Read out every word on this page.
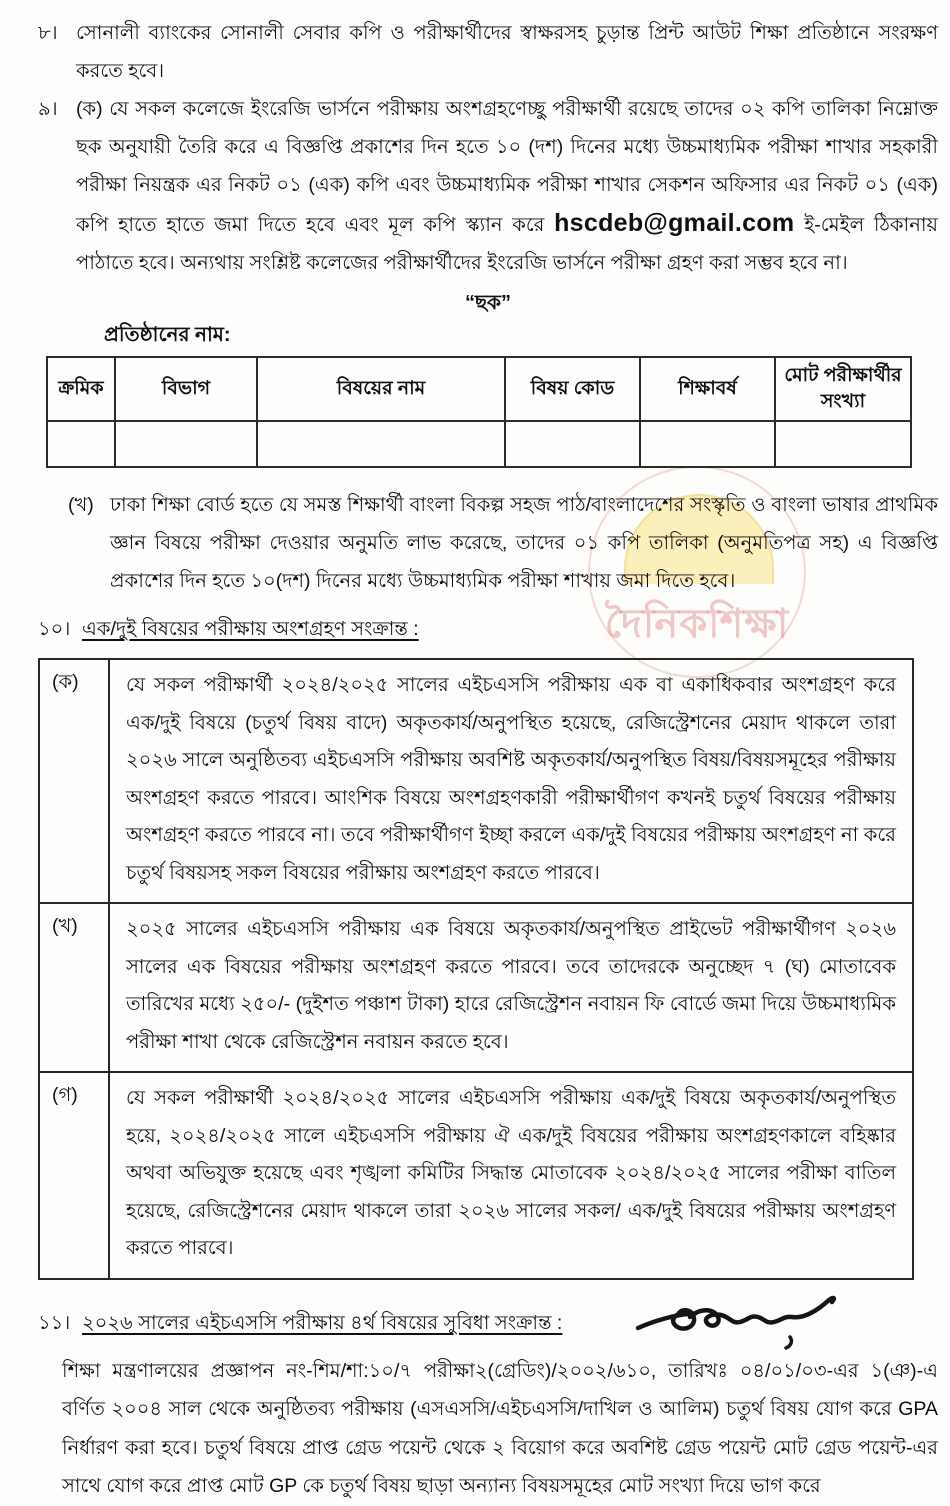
দৈনিকশিক্ষা
৮। সোনালী ব্যাংকের সোনালী সেবার কপি ও পরীক্ষার্থীদের স্বাক্ষরসহ চুড়ান্ত প্রিন্ট আউট শিক্ষা প্রতিষ্ঠানে সংরক্ষণ করতে হবে।
৯। (ক) যে সকল কলেজে ইংরেজি ভার্সনে পরীক্ষায় অংশগ্রহণেচ্ছু পরীক্ষার্থী রয়েছে তাদের ০২ কপি তালিকা নিম্নোক্ত ছক অনুযায়ী তৈরি করে এ বিজ্ঞপ্তি প্রকাশের দিন হতে ১০ (দশ) দিনের মধ্যে উচ্চমাধ্যমিক পরীক্ষা শাখার সহকারী পরীক্ষা নিয়ন্ত্রক এর নিকট ০১ (এক) কপি এবং উচ্চমাধ্যমিক পরীক্ষা শাখার সেকশন অফিসার এর নিকট ০১ (এক) কপি হাতে হাতে জমা দিতে হবে এবং মূল কপি স্ক্যান করে hscdeb@gmail.com ই-মেইল ঠিকানায় পাঠাতে হবে। অন্যথায় সংশ্লিষ্ট কলেজের পরীক্ষার্থীদের ইংরেজি ভার্সনে পরীক্ষা গ্রহণ করা সম্ভব হবে না।
“ছক”
প্রতিষ্ঠানের নাম:
ক্রমিক	বিভাগ	বিষয়ের নাম	বিষয় কোড	শিক্ষাবর্ষ	মোট পরীক্ষার্থীর সংখ্যা

(খ) ঢাকা শিক্ষা বোর্ড হতে যে সমস্ত শিক্ষার্থী বাংলা বিকল্প সহজ পাঠ/বাংলাদেশের সংস্কৃতি ও বাংলা ভাষার প্রাথমিক জ্ঞান বিষয়ে পরীক্ষা দেওয়ার অনুমতি লাভ করেছে, তাদের ০১ কপি তালিকা (অনুমতিপত্র সহ) এ বিজ্ঞপ্তি প্রকাশের দিন হতে ১০(দশ) দিনের মধ্যে উচ্চমাধ্যমিক পরীক্ষা শাখায় জমা দিতে হবে।
১০। এক/দুই বিষয়ের পরীক্ষায় অংশগ্রহণ সংক্রান্ত :
(ক)	যে সকল পরীক্ষার্থী ২০২৪/২০২৫ সালের এইচএসসি পরীক্ষায় এক বা একাধিকবার অংশগ্রহণ করে এক/দুই বিষয়ে (চতুর্থ বিষয় বাদে) অকৃতকার্য/অনুপস্থিত হয়েছে, রেজিস্ট্রেশনের মেয়াদ থাকলে তারা ২০২৬ সালে অনুষ্ঠিতব্য এইচএসসি পরীক্ষায় অবশিষ্ট অকৃতকার্য/অনুপস্থিত বিষয়/বিষয়সমূহের পরীক্ষায় অংশগ্রহণ করতে পারবে। আংশিক বিষয়ে অংশগ্রহণকারী পরীক্ষার্থীগণ কখনই চতুর্থ বিষয়ের পরীক্ষায় অংশগ্রহণ করতে পারবে না। তবে পরীক্ষার্থীগণ ইচ্ছা করলে এক/দুই বিষয়ের পরীক্ষায় অংশগ্রহণ না করে চতুর্থ বিষয়সহ সকল বিষয়ের পরীক্ষায় অংশগ্রহণ করতে পারবে।
(খ)	২০২৫ সালের এইচএসসি পরীক্ষায় এক বিষয়ে অকৃতকার্য/অনুপস্থিত প্রাইভেট পরীক্ষার্থীগণ ২০২৬ সালের এক বিষয়ের পরীক্ষায় অংশগ্রহণ করতে পারবে। তবে তাদেরকে অনুচ্ছেদ ৭ (ঘ) মোতাবেক তারিখের মধ্যে ২৫০/- (দুইশত পঞ্চাশ টাকা) হারে রেজিস্ট্রেশন নবায়ন ফি বোর্ডে জমা দিয়ে উচ্চমাধ্যমিক পরীক্ষা শাখা থেকে রেজিস্ট্রেশন নবায়ন করতে হবে।
(গ)	যে সকল পরীক্ষার্থী ২০২৪/২০২৫ সালের এইচএসসি পরীক্ষায় এক/দুই বিষয়ে অকৃতকার্য/অনুপস্থিত হয়ে, ২০২৪/২০২৫ সালে এইচএসসি পরীক্ষায় ঐ এক/দুই বিষয়ের পরীক্ষায় অংশগ্রহণকালে বহিষ্কার অথবা অভিযুক্ত হয়েছে এবং শৃঙ্খলা কমিটির সিদ্ধান্ত মোতাবেক ২০২৪/২০২৫ সালের পরীক্ষা বাতিল হয়েছে, রেজিস্ট্রেশনের মেয়াদ থাকলে তারা ২০২৬ সালের সকল/ এক/দুই বিষয়ের পরীক্ষায় অংশগ্রহণ করতে পারবে।
১১। ২০২৬ সালের এইচএসসি পরীক্ষায় ৪র্থ বিষয়ের সুবিধা সংক্রান্ত :
শিক্ষা মন্ত্রণালয়ের প্রজ্ঞাপন নং-শিম/শা:১০/৭ পরীক্ষা২(গ্রেডিং)/২০০২/৬১০, তারিখঃ ০৪/০১/০৩-এর ১(ঞ)-এ বর্ণিত ২০০৪ সাল থেকে অনুষ্ঠিতব্য পরীক্ষায় (এসএসসি/এইচএসসি/দাখিল ও আলিম) চতুর্থ বিষয় যোগ করে GPA নির্ধারণ করা হবে। চতুর্থ বিষয়ে প্রাপ্ত গ্রেড পয়েন্ট থেকে ২ বিয়োগ করে অবশিষ্ট গ্রেড পয়েন্ট মোট গ্রেড পয়েন্ট-এর সাথে যোগ করে প্রাপ্ত মোট GP কে চতুর্থ বিষয় ছাড়া অন্যান্য বিষয়সমূহের মোট সংখ্যা দিয়ে ভাগ করে
